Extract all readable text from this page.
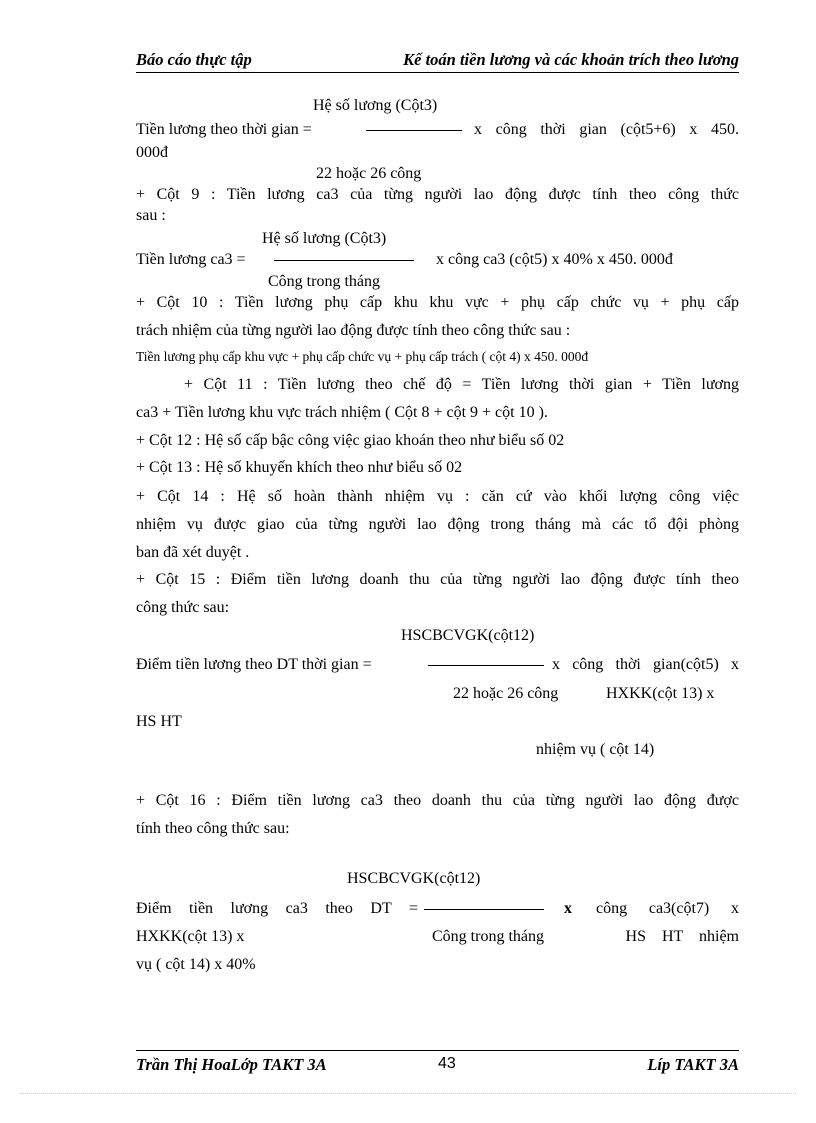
Báo cáo thực tập	Kế toán tiền lương và các khoản trích theo lương
Hệ số lương (Cột3)
Tiền lương theo thời gian =	x công thời gian (cột5+6) x 450.
000đ
22 hoặc 26 công
+ Cột 9 : Tiền lương ca3 của từng người lao động được tính theo công thức
sau :
Hệ số lương (Cột3)
Tiền lương ca3 =	x công ca3 (cột5) x 40% x 450. 000đ
Công trong tháng
+ Cột 10 : Tiền lương phụ cấp khu khu vực + phụ cấp chức vụ + phụ cấp
trách nhiệm của từng người lao động được tính theo công thức sau :
Tiền lương phụ cấp khu vực + phụ cấp chức vụ + phụ cấp trách ( cột 4) x 450. 000đ
+ Cột 11 : Tiền lương theo chế độ = Tiền lương thời gian + Tiền lương
ca3 + Tiền lương khu vực trách nhiệm ( Cột 8 + cột 9 + cột 10 ).
+ Cột 12 : Hệ số cấp bậc công việc giao khoán theo như biểu số 02
+ Cột 13 : Hệ số khuyến khích theo như biểu số 02
+ Cột 14 : Hệ số hoàn thành nhiệm vụ : căn cứ vào khối lượng công việc
nhiệm vụ được giao của từng người lao động trong tháng mà các tổ đội phòng
ban đã xét duyệt .
+ Cột 15 : Điểm tiền lương doanh thu của từng người lao động được tính theo
công thức sau:
HSCBCVGK(cột12)
Điểm tiền lương theo DT thời gian =	x công thời gian(cột5) x
22 hoặc 26 công	HXKK(cột 13) x
HS HT
nhiệm vụ ( cột 14)
+ Cột 16 : Điểm tiền lương ca3 theo doanh thu của từng người lao động được
tính theo công thức sau:
HSCBCVGK(cột12)
Điểm tiền lương ca3 theo DT =	x công ca3(cột7) x
HXKK(cột 13) x	Công trong tháng	HS HT nhiệm
vụ ( cột 14) x 40%
Trần Thị HoaLớp TAKT 3A	43	Líp TAKT 3A
